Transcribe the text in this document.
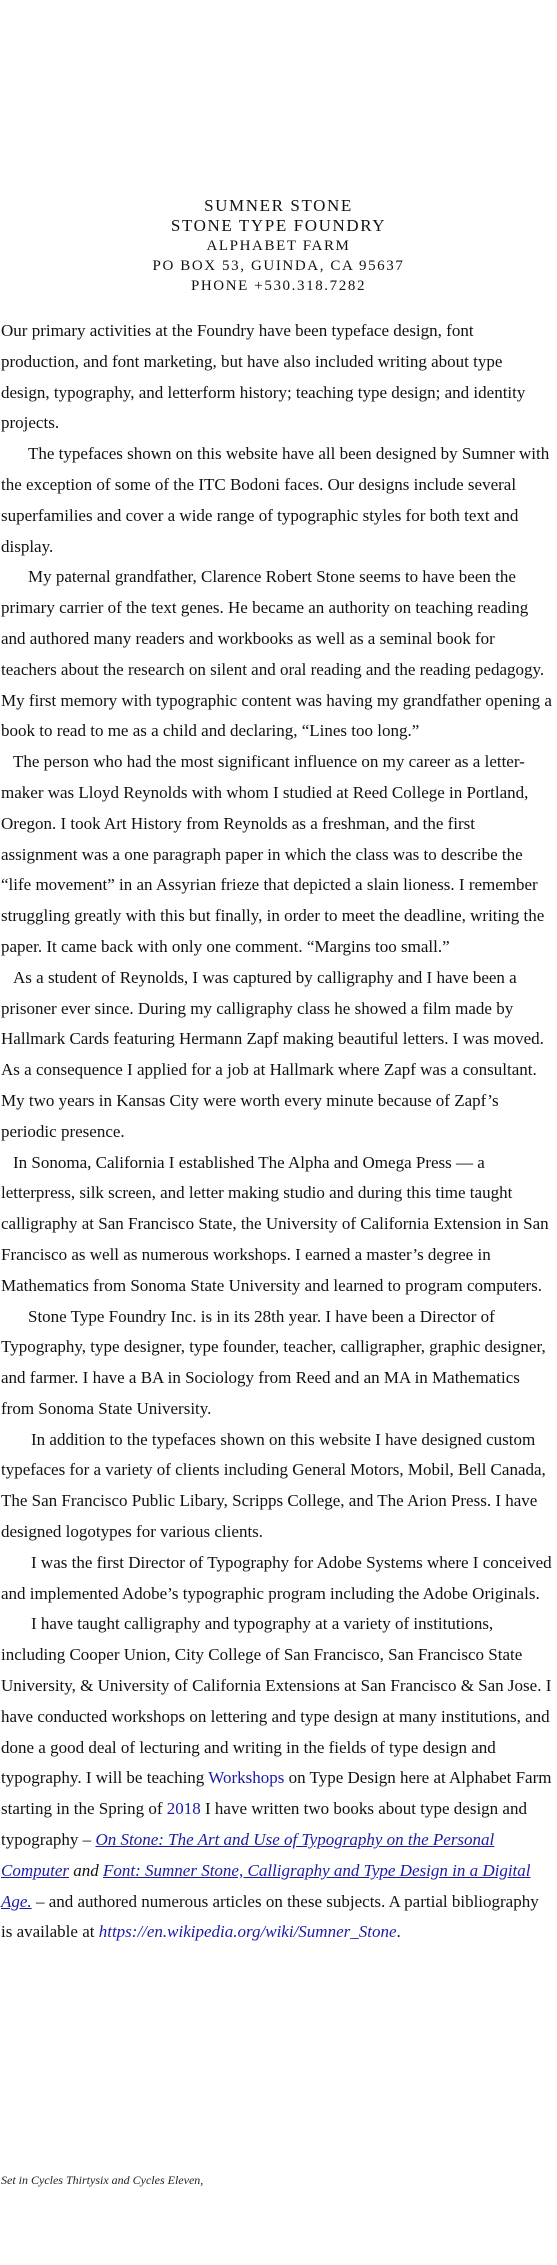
SUMNER STONE
STONE TYPE FOUNDRY
ALPHABET FARM
PO BOX 53, GUINDA, CA 95637
PHONE +530.318.7282

Our primary activities at the Foundry have been typeface design, font production, and font marketing, but have also included writing about type design, typography, and letterform history; teaching type design; and identity projects.

The typefaces shown on this website have all been designed by Sumner with the exception of some of the ITC Bodoni faces. Our designs include several superfamilies and cover a wide range of typographic styles for both text and display.

My paternal grandfather, Clarence Robert Stone seems to have been the primary carrier of the text genes. He became an authority on teaching reading and authored many readers and workbooks as well as a seminal book for teachers about the research on silent and oral reading and the reading pedagogy. My first memory with typographic content was having my grandfather opening a book to read to me as a child and declaring, “Lines too long.”

The person who had the most significant influence on my career as a letter-maker was Lloyd Reynolds with whom I studied at Reed College in Portland, Oregon. I took Art History from Reynolds as a freshman, and the first assignment was a one paragraph paper in which the class was to describe the “life movement” in an Assyrian frieze that depicted a slain lioness. I remember struggling greatly with this but finally, in order to meet the deadline, writing the paper. It came back with only one comment. “Margins too small.”

As a student of Reynolds, I was captured by calligraphy and I have been a prisoner ever since. During my calligraphy class he showed a film made by Hallmark Cards featuring Hermann Zapf making beautiful letters. I was moved. As a consequence I applied for a job at Hallmark where Zapf was a consultant. My two years in Kansas City were worth every minute because of Zapf’s periodic presence.

In Sonoma, California I established The Alpha and Omega Press — a letterpress, silk screen, and letter making studio and during this time taught calligraphy at San Francisco State, the University of California Extension in San Francisco as well as numerous workshops. I earned a master’s degree in Mathematics from Sonoma State University and learned to program computers.

Stone Type Foundry Inc. is in its 28th year. I have been a Director of Typography, type designer, type founder, teacher, calligrapher, graphic designer, and farmer. I have a BA in Sociology from Reed and an MA in Mathematics from Sonoma State University.

In addition to the typefaces shown on this website I have designed custom typefaces for a variety of clients including General Motors, Mobil, Bell Canada, The San Francisco Public Libary, Scripps College, and The Arion Press. I have designed logotypes for various clients.

I was the first Director of Typography for Adobe Systems where I conceived and implemented Adobe’s typographic program including the Adobe Originals.

I have taught calligraphy and typography at a variety of institutions, including Cooper Union, City College of San Francisco, San Francisco State University, & University of California Extensions at San Francisco & San Jose. I have conducted workshops on lettering and type design at many institutions, and done a good deal of lecturing and writing in the fields of type design and typography. I will be teaching Workshops on Type Design here at Alphabet Farm starting in the Spring of 2018 I have written two books about type design and typography – On Stone: The Art and Use of Typography on the Personal Computer and Font: Sumner Stone, Calligraphy and Type Design in a Digital Age. – and authored numerous articles on these subjects. A partial bibliography is available at https://en.wikipedia.org/wiki/Sumner_Stone.

Set in Cycles Thirtysix and Cycles Eleven,
